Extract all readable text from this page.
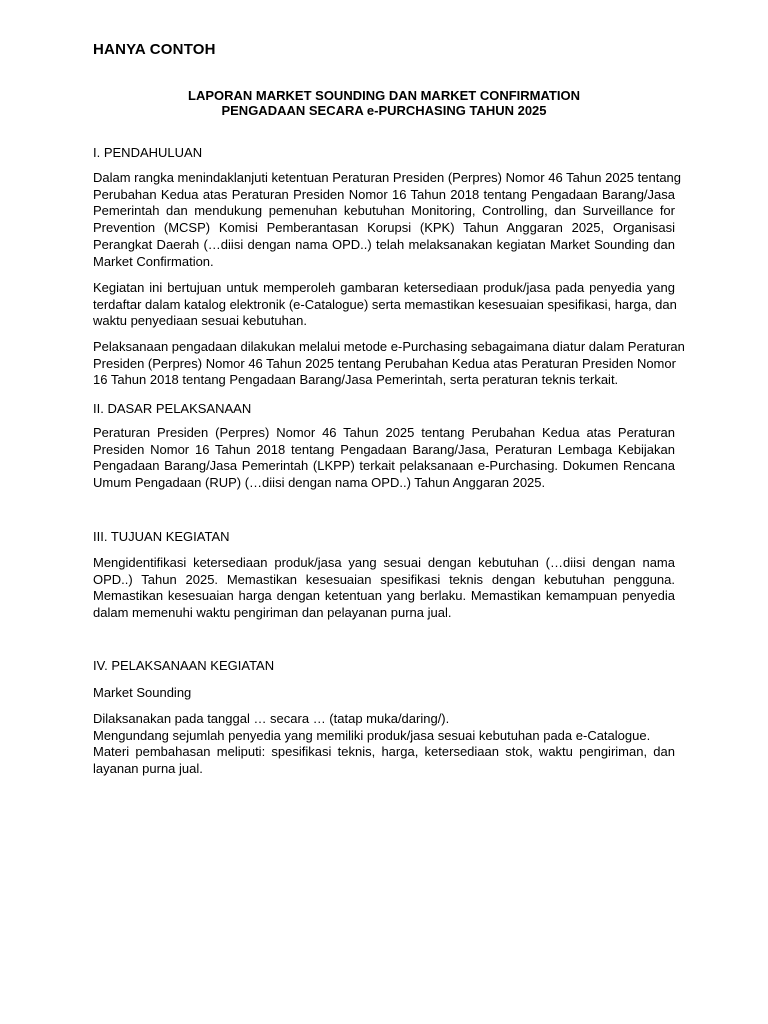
HANYA CONTOH
LAPORAN MARKET SOUNDING DAN MARKET CONFIRMATION
PENGADAAN SECARA e-PURCHASING TAHUN 2025
I. PENDAHULUAN
Dalam rangka menindaklanjuti ketentuan Peraturan Presiden (Perpres) Nomor 46 Tahun 2025 tentang
Perubahan Kedua atas Peraturan Presiden Nomor 16 Tahun 2018 tentang Pengadaan Barang/Jasa
Pemerintah dan mendukung pemenuhan kebutuhan Monitoring, Controlling, dan Surveillance for
Prevention (MCSP) Komisi Pemberantasan Korupsi (KPK) Tahun Anggaran 2025, Organisasi
Perangkat Daerah (…diisi dengan nama OPD..) telah melaksanakan kegiatan Market Sounding dan
Market Confirmation.
Kegiatan ini bertujuan untuk memperoleh gambaran ketersediaan produk/jasa pada penyedia yang
terdaftar dalam katalog elektronik (e-Catalogue) serta memastikan kesesuaian spesifikasi, harga, dan
waktu penyediaan sesuai kebutuhan.
Pelaksanaan pengadaan dilakukan melalui metode e-Purchasing sebagaimana diatur dalam Peraturan
Presiden (Perpres) Nomor 46 Tahun 2025 tentang Perubahan Kedua atas Peraturan Presiden Nomor
16 Tahun 2018 tentang Pengadaan Barang/Jasa Pemerintah, serta peraturan teknis terkait.
II. DASAR PELAKSANAAN
Peraturan Presiden (Perpres) Nomor 46 Tahun 2025 tentang Perubahan Kedua atas Peraturan
Presiden Nomor 16 Tahun 2018 tentang Pengadaan Barang/Jasa, Peraturan Lembaga Kebijakan
Pengadaan Barang/Jasa Pemerintah (LKPP) terkait pelaksanaan e-Purchasing. Dokumen Rencana
Umum Pengadaan (RUP) (…diisi dengan nama OPD..) Tahun Anggaran 2025.
III. TUJUAN KEGIATAN
Mengidentifikasi ketersediaan produk/jasa yang sesuai dengan kebutuhan (…diisi dengan nama
OPD..) Tahun 2025. Memastikan kesesuaian spesifikasi teknis dengan kebutuhan pengguna.
Memastikan kesesuaian harga dengan ketentuan yang berlaku. Memastikan kemampuan penyedia
dalam memenuhi waktu pengiriman dan pelayanan purna jual.
IV. PELAKSANAAN KEGIATAN
Market Sounding
Dilaksanakan pada tanggal … secara … (tatap muka/daring/).
Mengundang sejumlah penyedia yang memiliki produk/jasa sesuai kebutuhan pada e-Catalogue.
Materi pembahasan meliputi: spesifikasi teknis, harga, ketersediaan stok, waktu pengiriman, dan
layanan purna jual.
